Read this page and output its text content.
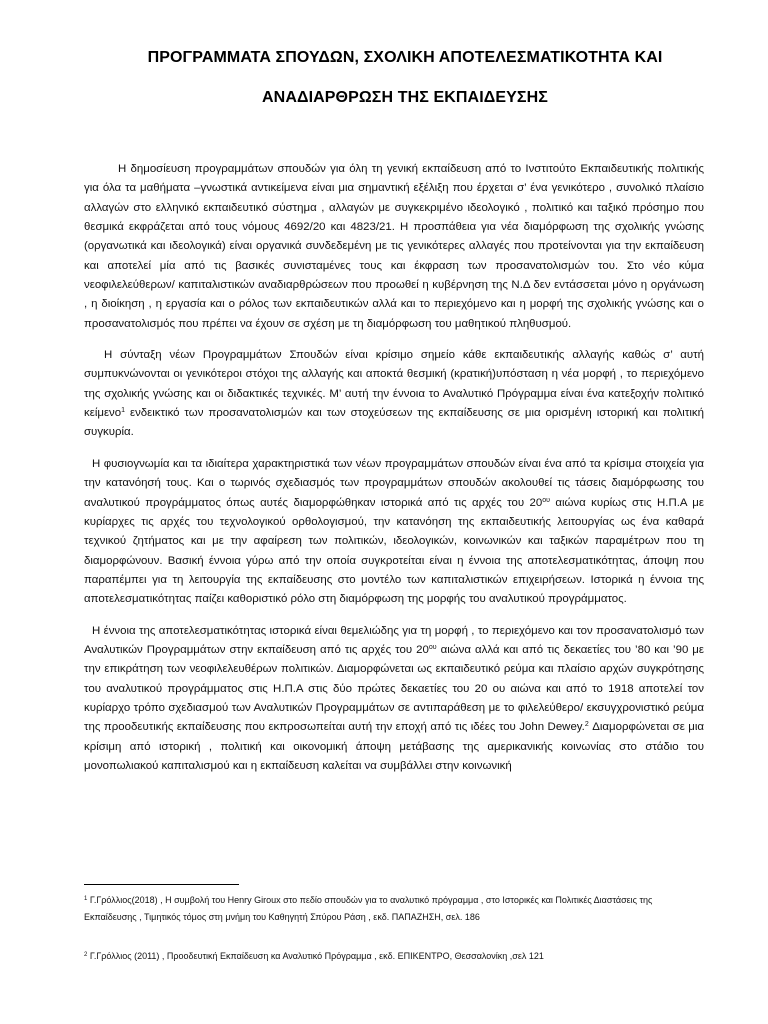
ΠΡΟΓΡΑΜΜΑΤΑ ΣΠΟΥΔΩΝ, ΣΧΟΛΙΚΗ ΑΠΟΤΕΛΕΣΜΑΤΙΚΟΤΗΤΑ ΚΑΙ
ΑΝΑΔΙΑΡΘΡΩΣΗ ΤΗΣ ΕΚΠΑΙΔΕΥΣΗΣ

Η δημοσίευση προγραμμάτων σπουδών για όλη τη γενική εκπαίδευση από το Ινστιτούτο Εκπαιδευτικής πολιτικής για όλα τα μαθήματα –γνωστικά αντικείμενα είναι μια σημαντική εξέλιξη που έρχεται σ’ ένα γενικότερο , συνολικό πλαίσιο αλλαγών στο ελληνικό εκπαιδευτικό σύστημα , αλλαγών με συγκεκριμένο ιδεολογικό , πολιτικό και ταξικό πρόσημο που θεσμικά εκφράζεται από τους νόμους 4692/20 και 4823/21. Η προσπάθεια για νέα διαμόρφωση της σχολικής γνώσης (οργανωτικά και ιδεολογικά) είναι οργανικά συνδεδεμένη με τις γενικότερες αλλαγές που προτείνονται για την εκπαίδευση και αποτελεί μία από τις βασικές συνισταμένες τους και έκφραση των προσανατολισμών του. Στο νέο κύμα νεοφιλελεύθερων/ καπιταλιστικών αναδιαρθρώσεων που προωθεί η κυβέρνηση της Ν.Δ δεν εντάσσεται μόνο η οργάνωση , η διοίκηση , η εργασία και ο ρόλος των εκπαιδευτικών αλλά και το περιεχόμενο και η μορφή της σχολικής γνώσης και ο προσανατολισμός που πρέπει να έχουν σε σχέση με τη διαμόρφωση του μαθητικού πληθυσμού.

Η σύνταξη νέων Προγραμμάτων Σπουδών είναι κρίσιμο σημείο κάθε εκπαιδευτικής αλλαγής καθώς σ’ αυτή συμπυκνώνονται οι γενικότεροι στόχοι της αλλαγής και αποκτά θεσμική (κρατική)υπόσταση η νέα μορφή , το περιεχόμενο της σχολικής γνώσης και οι διδακτικές τεχνικές. Μ’ αυτή την έννοια το Αναλυτικό Πρόγραμμα είναι ένα κατεξοχήν πολιτικό κείμενο$^1$ ενδεικτικό των προσανατολισμών και των στοχεύσεων της εκπαίδευσης σε μια ορισμένη ιστορική και πολιτική συγκυρία.

Η φυσιογνωμία και τα ιδιαίτερα χαρακτηριστικά των νέων προγραμμάτων σπουδών είναι ένα από τα κρίσιμα στοιχεία για την κατανόησή τους. Και ο τωρινός σχεδιασμός των προγραμμάτων σπουδών ακολουθεί τις τάσεις διαμόρφωσης του αναλυτικού προγράμματος όπως αυτές διαμορφώθηκαν ιστορικά από τις αρχές του $20^{o\upsilon}$ αιώνα κυρίως στις Η.Π.Α με κυρίαρχες τις αρχές του τεχνολογικού ορθολογισμού, την κατανόηση της εκπαιδευτικής λειτουργίας ως ένα καθαρά τεχνικού ζητήματος και με την αφαίρεση των πολιτικών, ιδεολογικών, κοινωνικών και ταξικών παραμέτρων που τη διαμορφώνουν. Βασική έννοια γύρω από την οποία συγκροτείται είναι η έννοια της αποτελεσματικότητας, άποψη που παραπέμπει για τη λειτουργία της εκπαίδευσης στο μοντέλο των καπιταλιστικών επιχειρήσεων. Ιστορικά η έννοια της αποτελεσματικότητας παίζει καθοριστικό ρόλο στη διαμόρφωση της μορφής του αναλυτικού προγράμματος.

Η έννοια της αποτελεσματικότητας ιστορικά είναι θεμελιώδης για τη μορφή , το περιεχόμενο και τον προσανατολισμό των Αναλυτικών Προγραμμάτων στην εκπαίδευση από τις αρχές του $20^{o\upsilon}$ αιώνα αλλά και από τις δεκαετίες του ’80 και ’90 με την επικράτηση των νεοφιλελευθέρων πολιτικών. Διαμορφώνεται ως εκπαιδευτικό ρεύμα και πλαίσιο αρχών συγκρότησης του αναλυτικού προγράμματος στις Η.Π.Α στις δύο πρώτες δεκαετίες του 20 ου αιώνα και από το 1918 αποτελεί τον κυρίαρχο τρόπο σχεδιασμού των Αναλυτικών Προγραμμάτων σε αντιπαράθεση με το φιλελεύθερο/ εκσυγχρονιστικό ρεύμα της προοδευτικής εκπαίδευσης που εκπροσωπείται αυτή την εποχή από τις ιδέες του John Dewey.$^2$ Διαμορφώνεται σε μια κρίσιμη από ιστορική , πολιτική και οικονομική άποψη μετάβασης της αμερικανικής κοινωνίας στο στάδιο του μονοπωλιακού καπιταλισμού και η εκπαίδευση καλείται να συμβάλλει στην κοινωνική

$^1$ Γ.Γρόλλιος(2018) , Η συμβολή του Henry Giroux στο πεδίο σπουδών για το αναλυτικό πρόγραμμα , στο Ιστορικές και Πολιτικές Διαστάσεις της Εκπαίδευσης , Τιμητικός τόμος στη μνήμη του Καθηγητή Σπύρου Ράση , εκδ. ΠΑΠΑΖΗΣΗ, σελ. 186
$^2$ Γ.Γρόλλιος (2011) , Προοδευτική Εκπαίδευση κα Αναλυτικό Πρόγραμμα , εκδ. ΕΠΙΚΕΝΤΡΟ, Θεσσαλονίκη ,σελ 121
